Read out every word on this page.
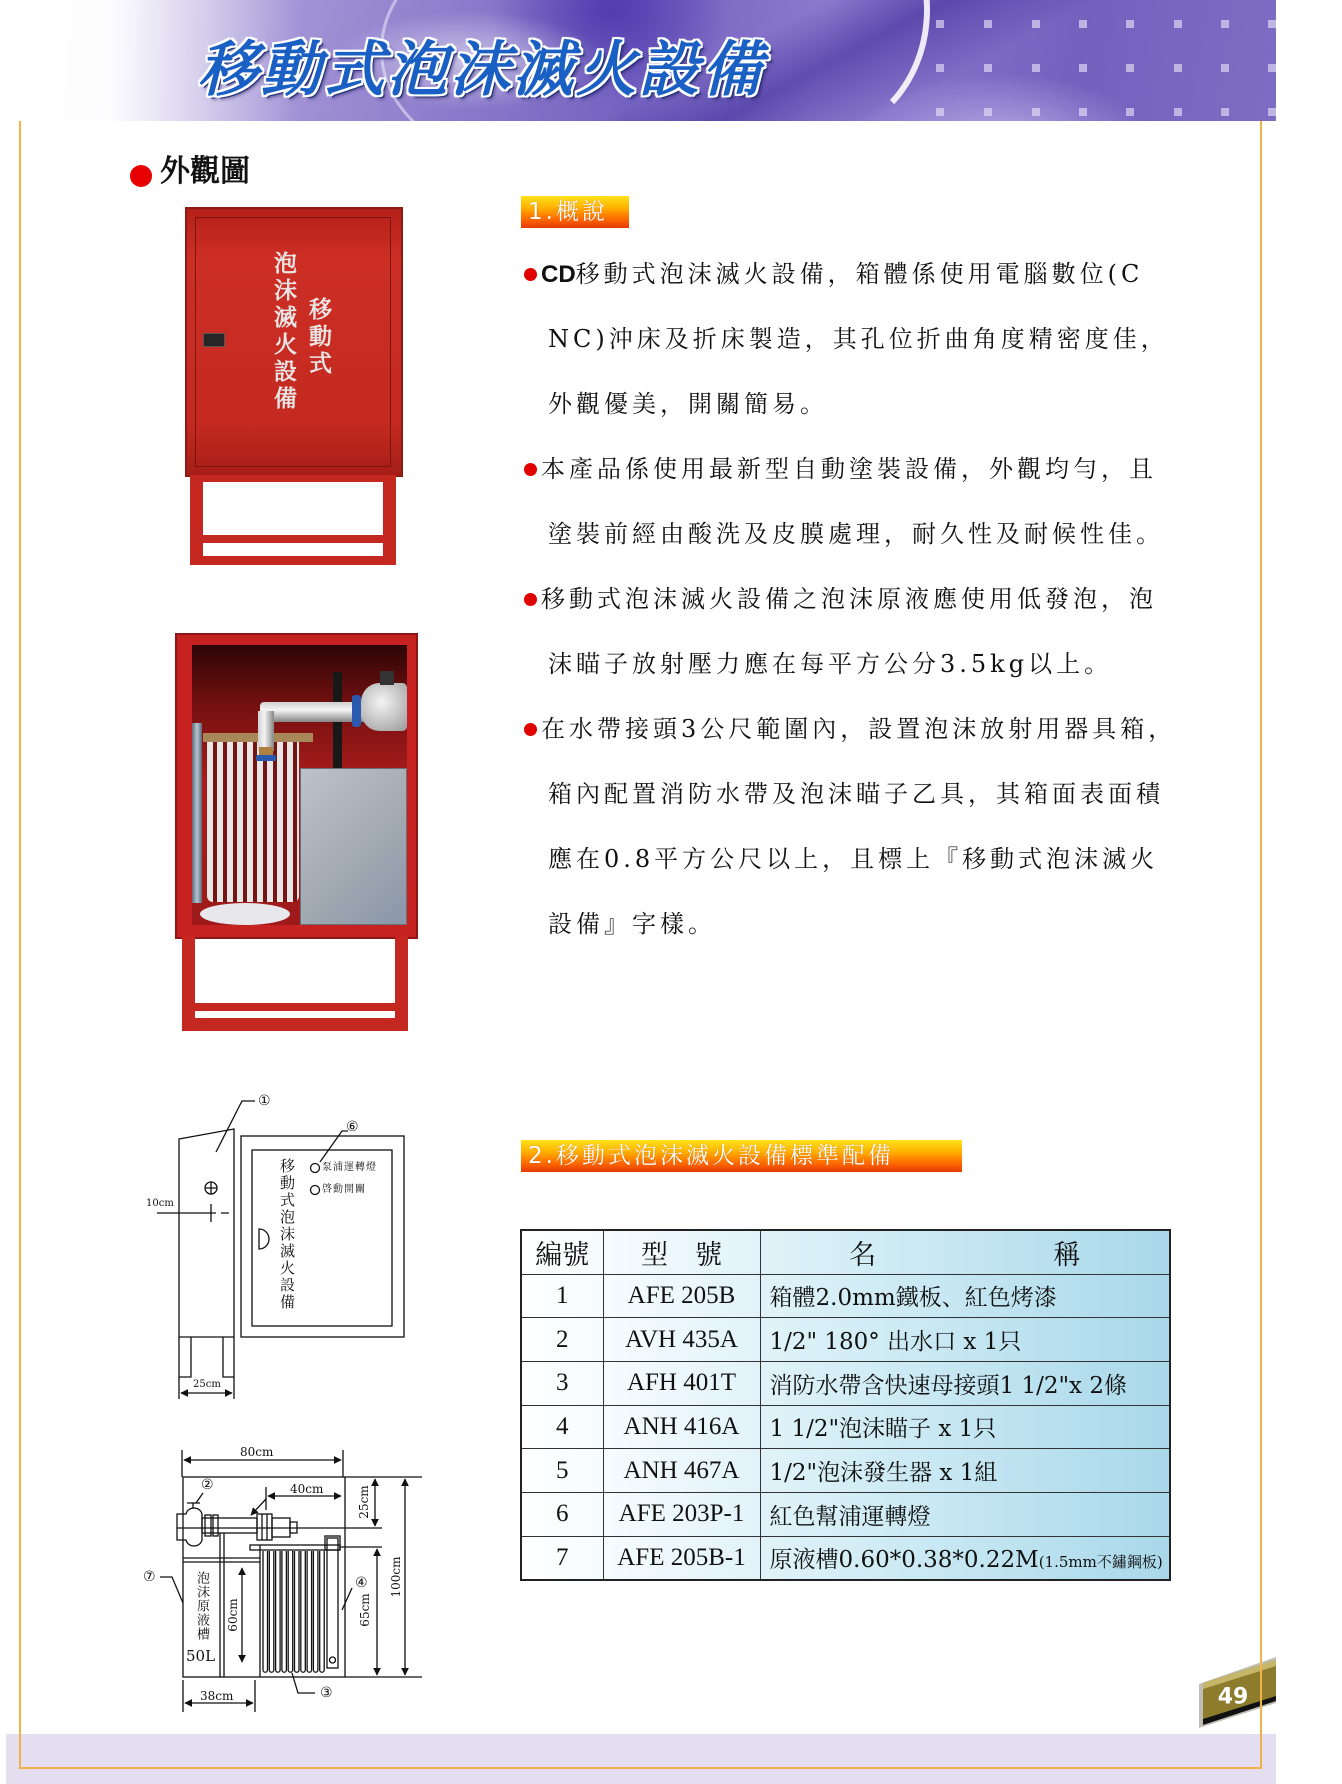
49
移動式泡沫滅火設備
外觀圖
泡沫滅火設備 移動式
1.概說
CD移動式泡沫滅火設備，箱體係使用電腦數位(C
NC)沖床及折床製造，其孔位折曲角度精密度佳，
外觀優美，開關簡易。
本產品係使用最新型自動塗裝設備，外觀均勻，且
塗裝前經由酸洗及皮膜處理，耐久性及耐候性佳。
移動式泡沫滅火設備之泡沫原液應使用低發泡，泡
沫瞄子放射壓力應在每平方公分3.5kg以上。
在水帶接頭3公尺範圍內，設置泡沫放射用器具箱，
箱內配置消防水帶及泡沫瞄子乙具，其箱面表面積
應在0.8平方公尺以上，且標上『移動式泡沫滅火
設備』字樣。
2.移動式泡沫滅火設備標準配備
編號	型　號	名 稱

1	AFE 205B	箱體2.0mm鐵板、紅色烤漆
2	AVH 435A	1/2" 180° 出水口 x 1只
3	AFH 401T	消防水帶含快速母接頭1 1/2"x 2條
4	ANH 416A	1 1/2"泡沫瞄子 x 1只
5	ANH 467A	1/2"泡沫發生器 x 1組
6	AFE 203P-1	紅色幫浦運轉燈
7	AFE 205B-1	原液槽0.60*0.38*0.22M(1.5mm不鏽鋼板)
①
⑥
10cm
25cm
移動式泡沫滅火設備	泵浦運轉燈
啓動開關
80cm
40cm	25cm
65cm
100cm
60cm
38cm
②
⑦	④
③
泡沫原液槽
50L
